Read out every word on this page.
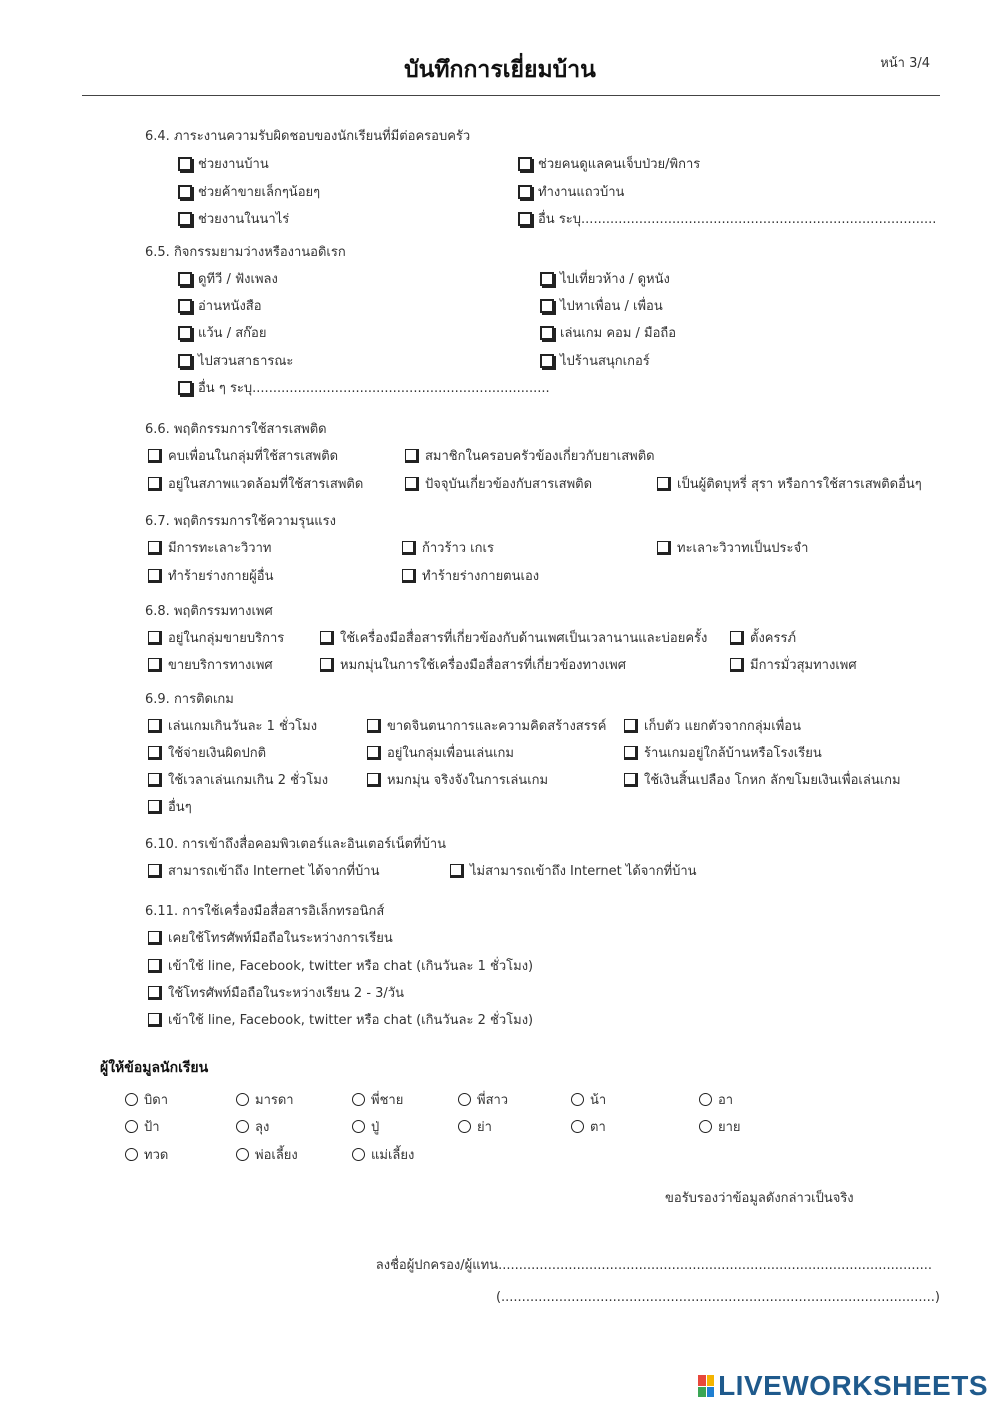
บันทึกการเยี่ยมบ้าน	หน้า 3/4
6.4. ภาระงานความรับผิดชอบของนักเรียนที่มีต่อครอบครัว
ช่วยงานบ้าน	ช่วยคนดูแลคนเจ็บป่วย/พิการ
ช่วยค้าขายเล็กๆน้อยๆ	ทำงานแถวบ้าน
ช่วยงานในนาไร่	อื่น ระบุ......................................................................................
6.5. กิจกรรมยามว่างหรืองานอดิเรก
ดูทีวี / ฟังเพลง	ไปเที่ยวห้าง / ดูหนัง
อ่านหนังสือ	ไปหาเพื่อน / เพื่อน
แว้น / สก๊อย	เล่นเกม คอม / มือถือ
ไปสวนสาธารณะ	ไปร้านสนุกเกอร์
อื่น ๆ ระบุ........................................................................
6.6. พฤติกรรมการใช้สารเสพติด
คบเพื่อนในกลุ่มที่ใช้สารเสพติด	สมาชิกในครอบครัวข้องเกี่ยวกับยาเสพติด
อยู่ในสภาพแวดล้อมที่ใช้สารเสพติด	ปัจจุบันเกี่ยวข้องกับสารเสพติด	เป็นผู้ติดบุหรี่ สุรา หรือการใช้สารเสพติดอื่นๆ
6.7. พฤติกรรมการใช้ความรุนแรง
มีการทะเลาะวิวาท	ก้าวร้าว เกเร	ทะเลาะวิวาทเป็นประจำ
ทำร้ายร่างกายผู้อื่น	ทำร้ายร่างกายตนเอง
6.8. พฤติกรรมทางเพศ
อยู่ในกลุ่มขายบริการ	ใช้เครื่องมือสื่อสารที่เกี่ยวข้องกับด้านเพศเป็นเวลานานและบ่อยครั้ง	ตั้งครรภ์
ขายบริการทางเพศ	หมกมุ่นในการใช้เครื่องมือสื่อสารที่เกี่ยวข้องทางเพศ	มีการมั่วสุมทางเพศ
6.9. การติดเกม
เล่นเกมเกินวันละ 1 ชั่วโมง	ขาดจินตนาการและความคิดสร้างสรรค์	เก็บตัว แยกตัวจากกลุ่มเพื่อน
ใช้จ่ายเงินผิดปกติ	อยู่ในกลุ่มเพื่อนเล่นเกม	ร้านเกมอยู่ใกล้บ้านหรือโรงเรียน
ใช้เวลาเล่นเกมเกิน 2 ชั่วโมง	หมกมุ่น จริงจังในการเล่นเกม	ใช้เงินสิ้นเปลือง โกหก ลักขโมยเงินเพื่อเล่นเกม
อื่นๆ
6.10. การเข้าถึงสื่อคอมพิวเตอร์และอินเตอร์เน็ตที่บ้าน
สามารถเข้าถึง Internet ได้จากที่บ้าน	ไม่สามารถเข้าถึง Internet ได้จากที่บ้าน
6.11. การใช้เครื่องมือสื่อสารอิเล็กทรอนิกส์
เคยใช้โทรศัพท์มือถือในระหว่างการเรียน
เข้าใช้ line, Facebook, twitter หรือ chat (เกินวันละ 1 ชั่วโมง)
ใช้โทรศัพท์มือถือในระหว่างเรียน 2 - 3/วัน
เข้าใช้ line, Facebook, twitter หรือ chat (เกินวันละ 2 ชั่วโมง)
ผู้ให้ข้อมูลนักเรียน
บิดา	มารดา	พี่ชาย	พี่สาว	น้า	อา
ป้า	ลุง	ปู่	ย่า	ตา	ยาย
ทวด	พ่อเลี้ยง	แม่เลี้ยง
ขอรับรองว่าข้อมูลดังกล่าวเป็นจริง
ลงชื่อผู้ปกครอง/ผู้แทน.........................................................................................................
(.........................................................................................................)
LIVEWORKSHEETS
